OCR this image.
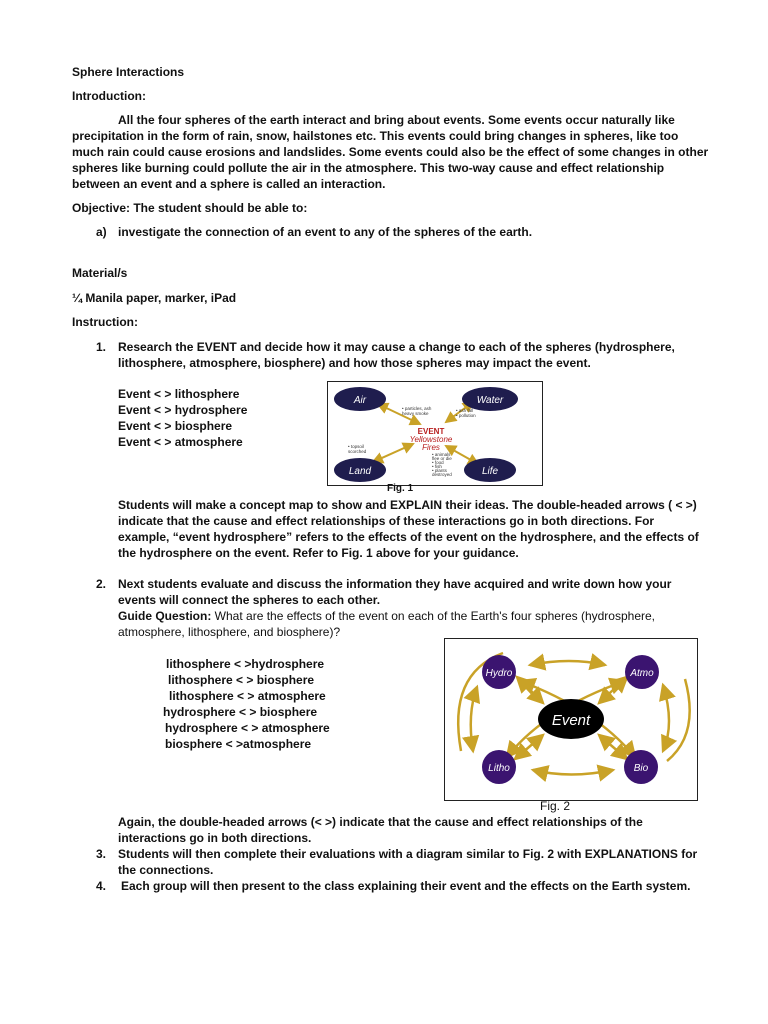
Sphere Interactions
Introduction:
All the four spheres of the earth interact and bring about events. Some events occur naturally like
precipitation in the form of rain, snow, hailstones etc. This events could bring changes in spheres, like too
much rain could cause erosions and landslides. Some events could also be the effect of some changes in other
spheres like burning could pollute the air in the atmosphere. This two-way cause and effect relationship
between an event and a sphere is called an interaction.
Objective: The student should be able to:
a) investigate the connection of an event to any of the spheres of the earth.
Material/s
¼ Manila paper, marker, iPad
Instruction:
1. Research the EVENT and decide how it may cause a change to each of the spheres (hydrosphere,
lithosphere, atmosphere, biosphere) and how those spheres may impact the event.
Event < > lithosphere
Event < > hydrosphere
Event < > biosphere
Event < > atmosphere
Air	Water
Land	Life
EVENT
Yellowstone
Fires
• particles, ash
heavy smoke
• ash fall
• pollution
• topsoil
scorched
• animals
flee or die
• food
• fish
• plants
destroyed
Fig. 1
Students will make a concept map to show and EXPLAIN their ideas. The double-headed arrows ( < >)
indicate that the cause and effect relationships of these interactions go in both directions. For
example, “event hydrosphere” refers to the effects of the event on the hydrosphere, and the effects of
the hydrosphere on the event. Refer to Fig. 1 above for your guidance.
2. Next students evaluate and discuss the information they have acquired and write down how your
events will connect the spheres to each other.
Guide Question: What are the effects of the event on each of the Earth's four spheres (hydrosphere,
atmosphere, lithosphere, and biosphere)?
lithosphere < >hydrosphere
lithosphere < > biosphere
lithosphere < > atmosphere
hydrosphere < > biosphere
hydrosphere < > atmosphere
biosphere < >atmosphere
Event
Hydro	Atmo
Litho	Bio
Fig. 2
Again, the double-headed arrows (< >) indicate that the cause and effect relationships of the
interactions go in both directions.
3. Students will then complete their evaluations with a diagram similar to Fig. 2 with EXPLANATIONS for
the connections.
4. Each group will then present to the class explaining their event and the effects on the Earth system.
